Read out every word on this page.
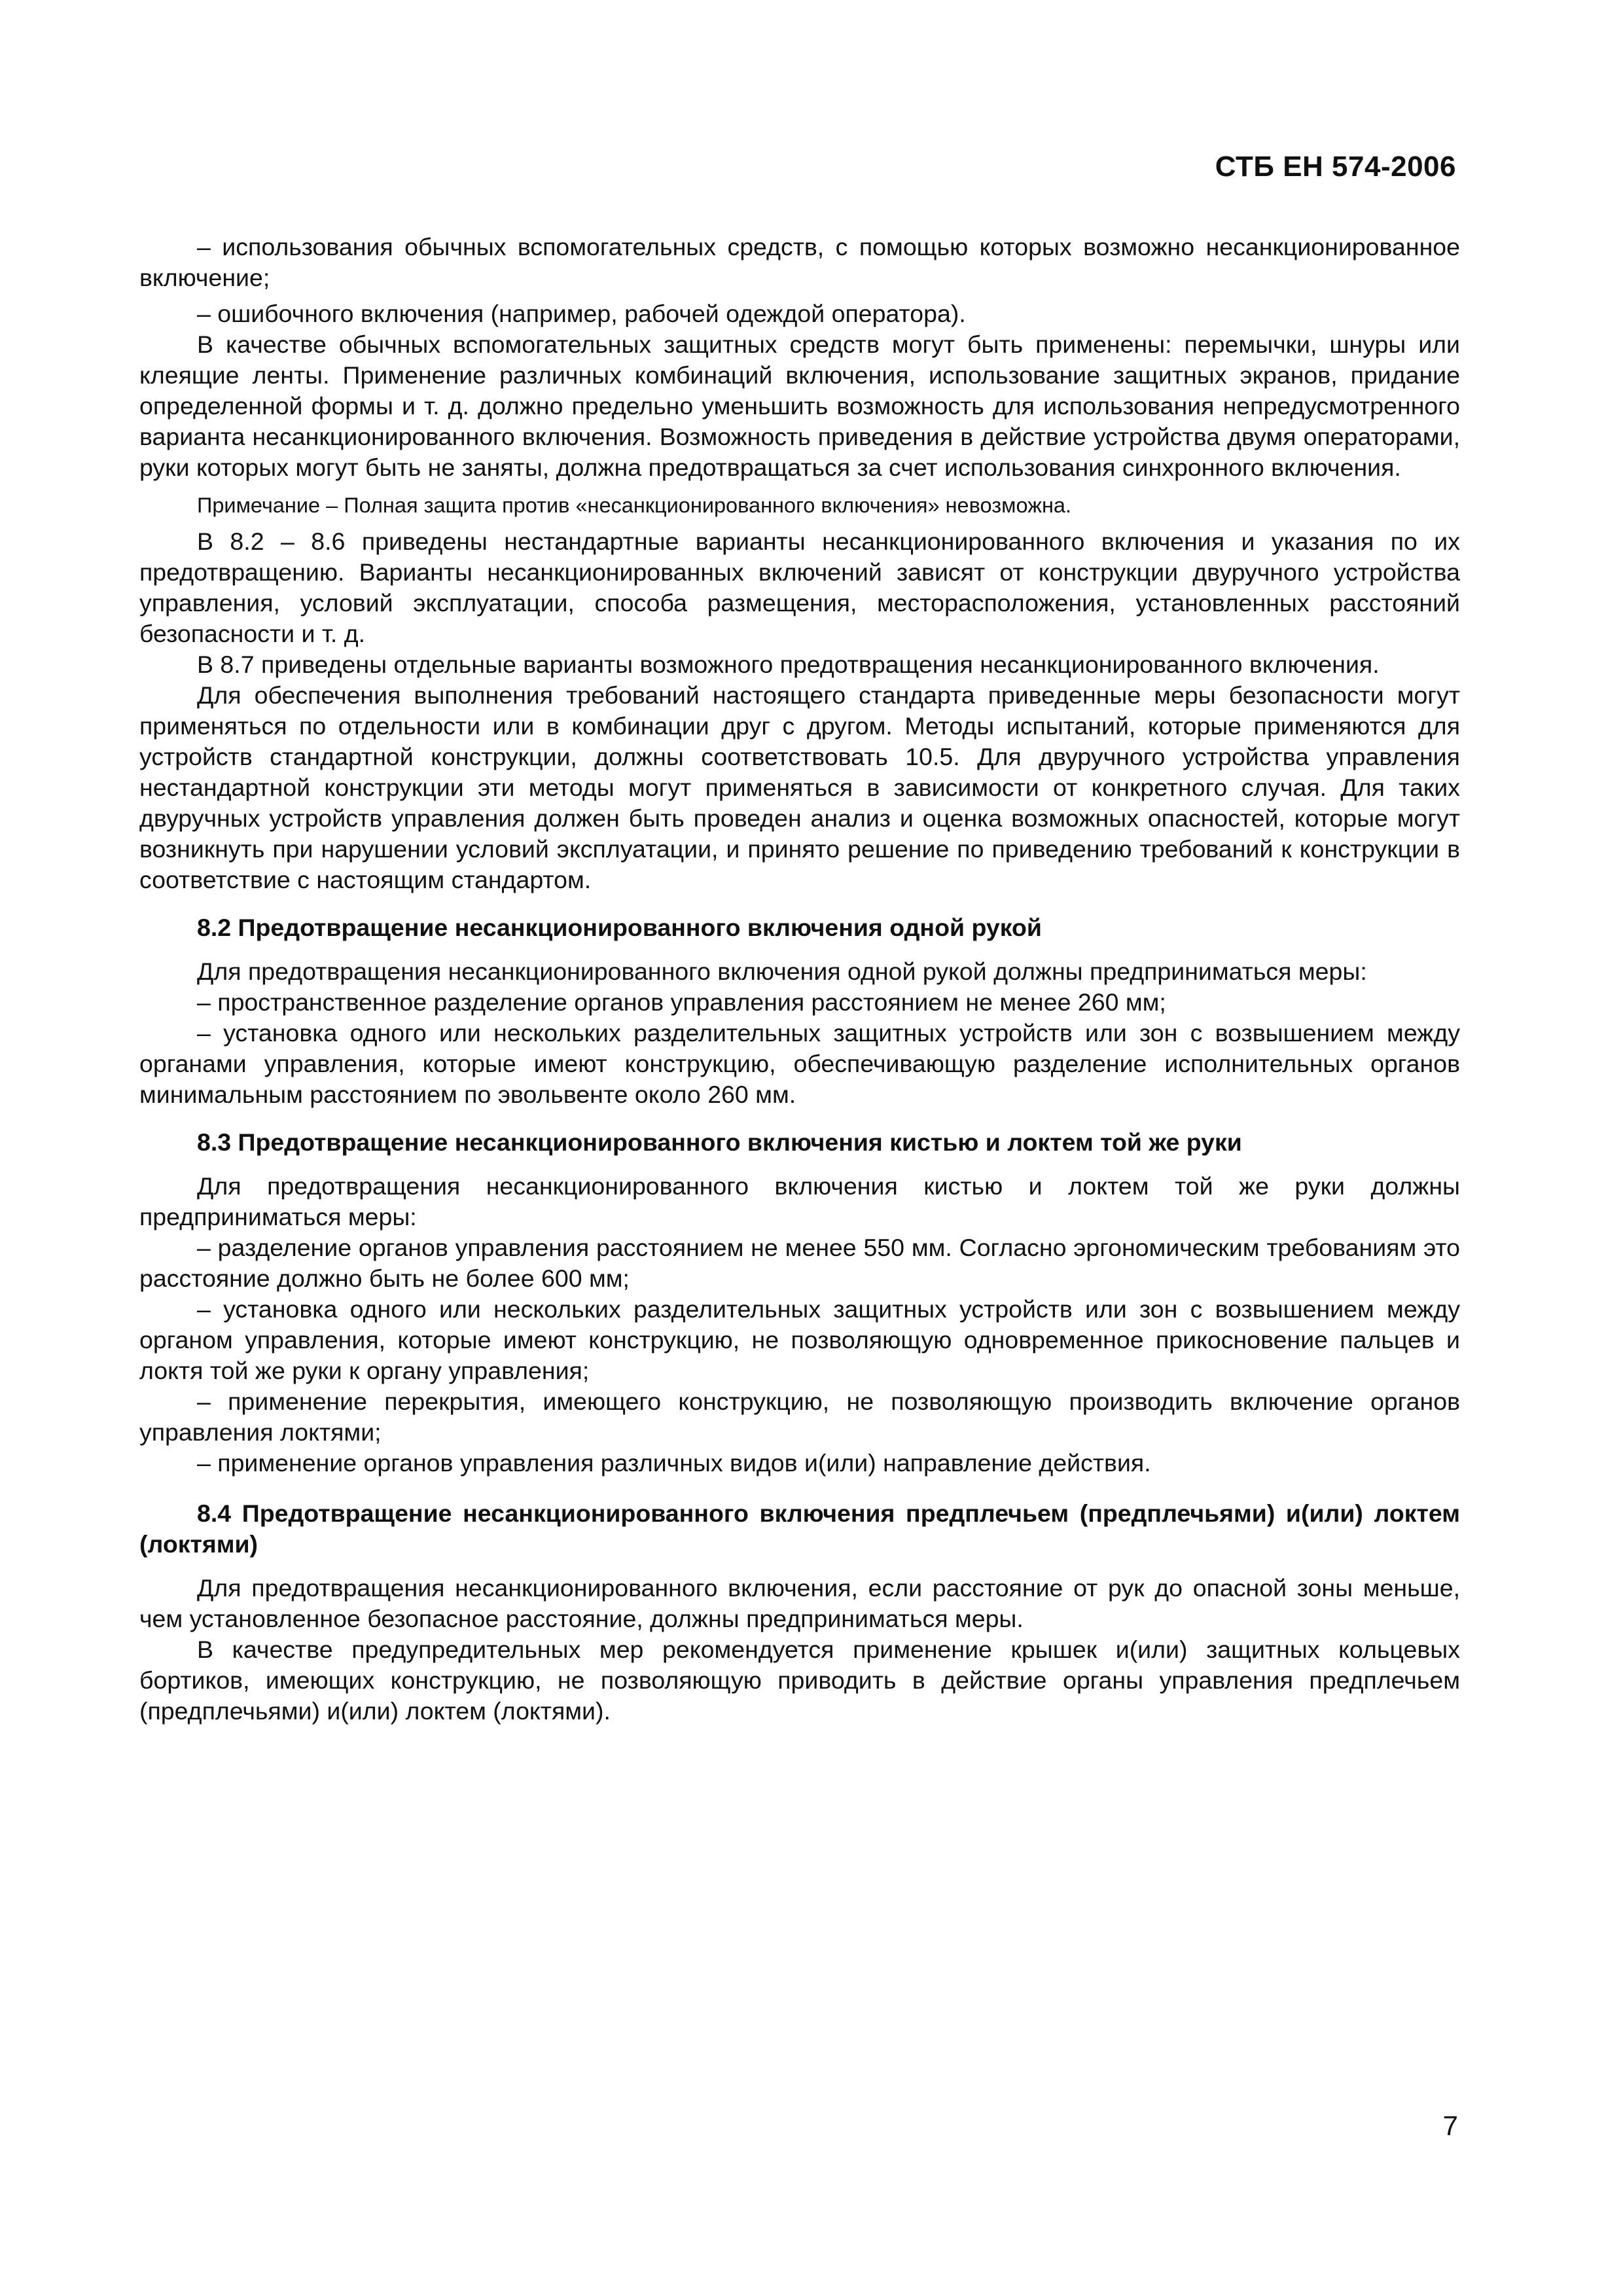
СТБ ЕН 574-2006

– использования обычных вспомогательных средств, с помощью которых возможно несанкционированное включение;

– ошибочного включения (например, рабочей одеждой оператора).

В качестве обычных вспомогательных защитных средств могут быть применены: перемычки, шнуры или клеящие ленты. Применение различных комбинаций включения, использование защитных экранов, придание определенной формы и т. д. должно предельно уменьшить возможность для использования непредусмотренного варианта несанкционированного включения. Возможность приведения в действие устройства двумя операторами, руки которых могут быть не заняты, должна предотвращаться за счет использования синхронного включения.

Примечание – Полная защита против «несанкционированного включения» невозможна.

В 8.2 – 8.6 приведены нестандартные варианты несанкционированного включения и указания по их предотвращению. Варианты несанкционированных включений зависят от конструкции двуручного устройства управления, условий эксплуатации, способа размещения, месторасположения, установленных расстояний безопасности и т. д.

В 8.7 приведены отдельные варианты возможного предотвращения несанкционированного включения.

Для обеспечения выполнения требований настоящего стандарта приведенные меры безопасности могут применяться по отдельности или в комбинации друг с другом. Методы испытаний, которые применяются для устройств стандартной конструкции, должны соответствовать 10.5. Для двуручного устройства управления нестандартной конструкции эти методы могут применяться в зависимости от конкретного случая. Для таких двуручных устройств управления должен быть проведен анализ и оценка возможных опасностей, которые могут возникнуть при нарушении условий эксплуатации, и принято решение по приведению требований к конструкции в соответствие с настоящим стандартом.

8.2 Предотвращение несанкционированного включения одной рукой

Для предотвращения несанкционированного включения одной рукой должны предприниматься меры:

– пространственное разделение органов управления расстоянием не менее 260 мм;

– установка одного или нескольких разделительных защитных устройств или зон с возвышением между органами управления, которые имеют конструкцию, обеспечивающую разделение исполнительных органов минимальным расстоянием по эвольвенте около 260 мм.

8.3 Предотвращение несанкционированного включения кистью и локтем той же руки

Для предотвращения несанкционированного включения кистью и локтем той же руки должны предприниматься меры:

– разделение органов управления расстоянием не менее 550 мм. Согласно эргономическим требованиям это расстояние должно быть не более 600 мм;

– установка одного или нескольких разделительных защитных устройств или зон с возвышением между органом управления, которые имеют конструкцию, не позволяющую одновременное прикосновение пальцев и локтя той же руки к органу управления;

– применение перекрытия, имеющего конструкцию, не позволяющую производить включение органов управления локтями;

– применение органов управления различных видов и(или) направление действия.

8.4 Предотвращение несанкционированного включения предплечьем (предплечьями) и(или) локтем (локтями)

Для предотвращения несанкционированного включения, если расстояние от рук до опасной зоны меньше, чем установленное безопасное расстояние, должны предприниматься меры.

В качестве предупредительных мер рекомендуется применение крышек и(или) защитных кольцевых бортиков, имеющих конструкцию, не позволяющую приводить в действие органы управления предплечьем (предплечьями) и(или) локтем (локтями).

7
